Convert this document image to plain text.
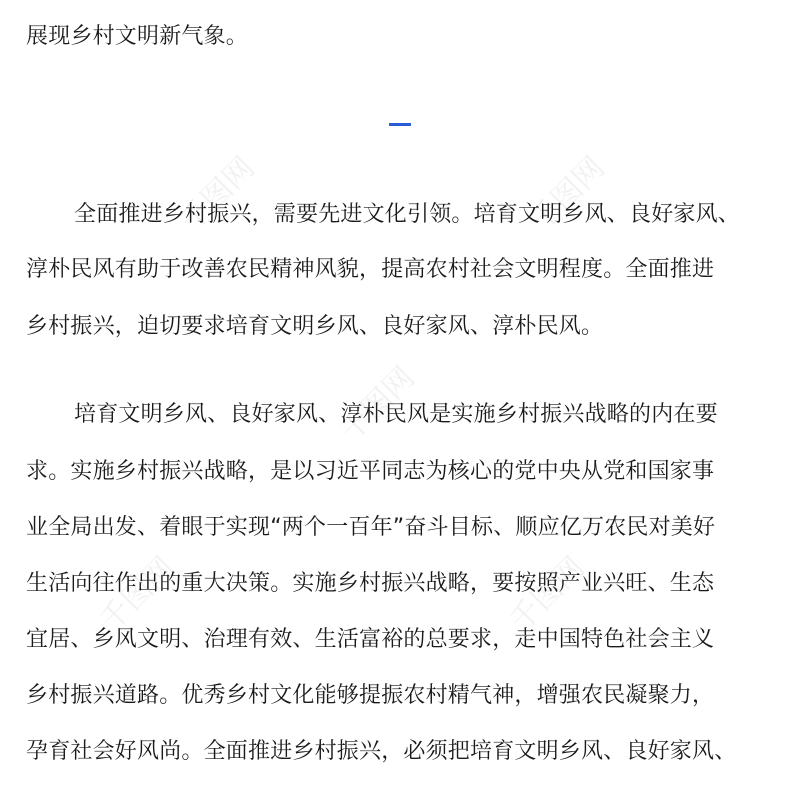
千图网	千图网
千图网
千图网	千图网
展现乡村文明新气象。
全面推进乡村振兴，需要先进文化引领。培育文明乡风、良好家风、
淳朴民风有助于改善农民精神风貌，提高农村社会文明程度。全面推进
乡村振兴，迫切要求培育文明乡风、良好家风、淳朴民风。
培育文明乡风、良好家风、淳朴民风是实施乡村振兴战略的内在要
求。实施乡村振兴战略，是以习近平同志为核心的党中央从党和国家事
业全局出发、着眼于实现“两个一百年”奋斗目标、顺应亿万农民对美好
生活向往作出的重大决策。实施乡村振兴战略，要按照产业兴旺、生态
宜居、乡风文明、治理有效、生活富裕的总要求，走中国特色社会主义
乡村振兴道路。优秀乡村文化能够提振农村精气神，增强农民凝聚力，
孕育社会好风尚。全面推进乡村振兴，必须把培育文明乡风、良好家风、
